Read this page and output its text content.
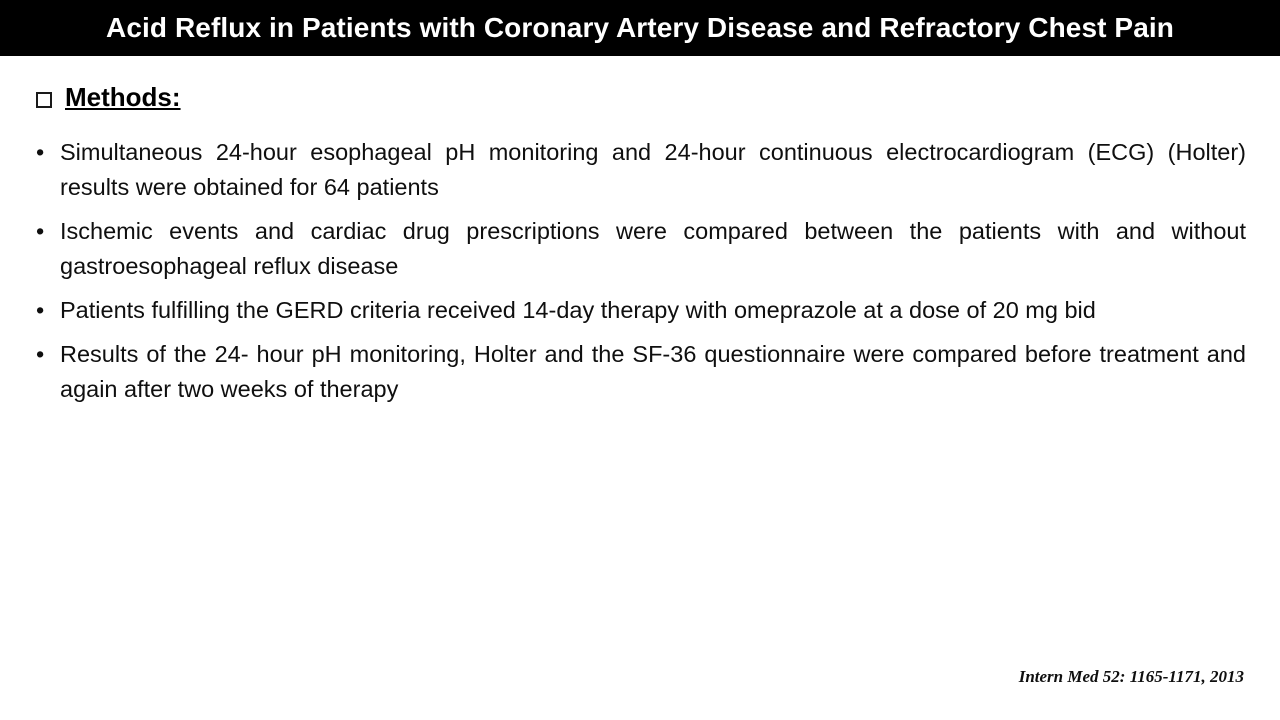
Acid Reflux in Patients with Coronary Artery Disease and Refractory Chest Pain
Methods:
• Simultaneous 24-hour esophageal pH monitoring and 24-hour continuous electrocardiogram (ECG) (Holter) results were obtained for 64 patients
• Ischemic events and cardiac drug prescriptions were compared between the patients with and without gastroesophageal reflux disease
• Patients fulfilling the GERD criteria received 14-day therapy with omeprazole at a dose of 20 mg bid
• Results of the 24- hour pH monitoring, Holter and the SF-36 questionnaire were compared before treatment and again after two weeks of therapy
Intern Med 52: 1165-1171, 2013
